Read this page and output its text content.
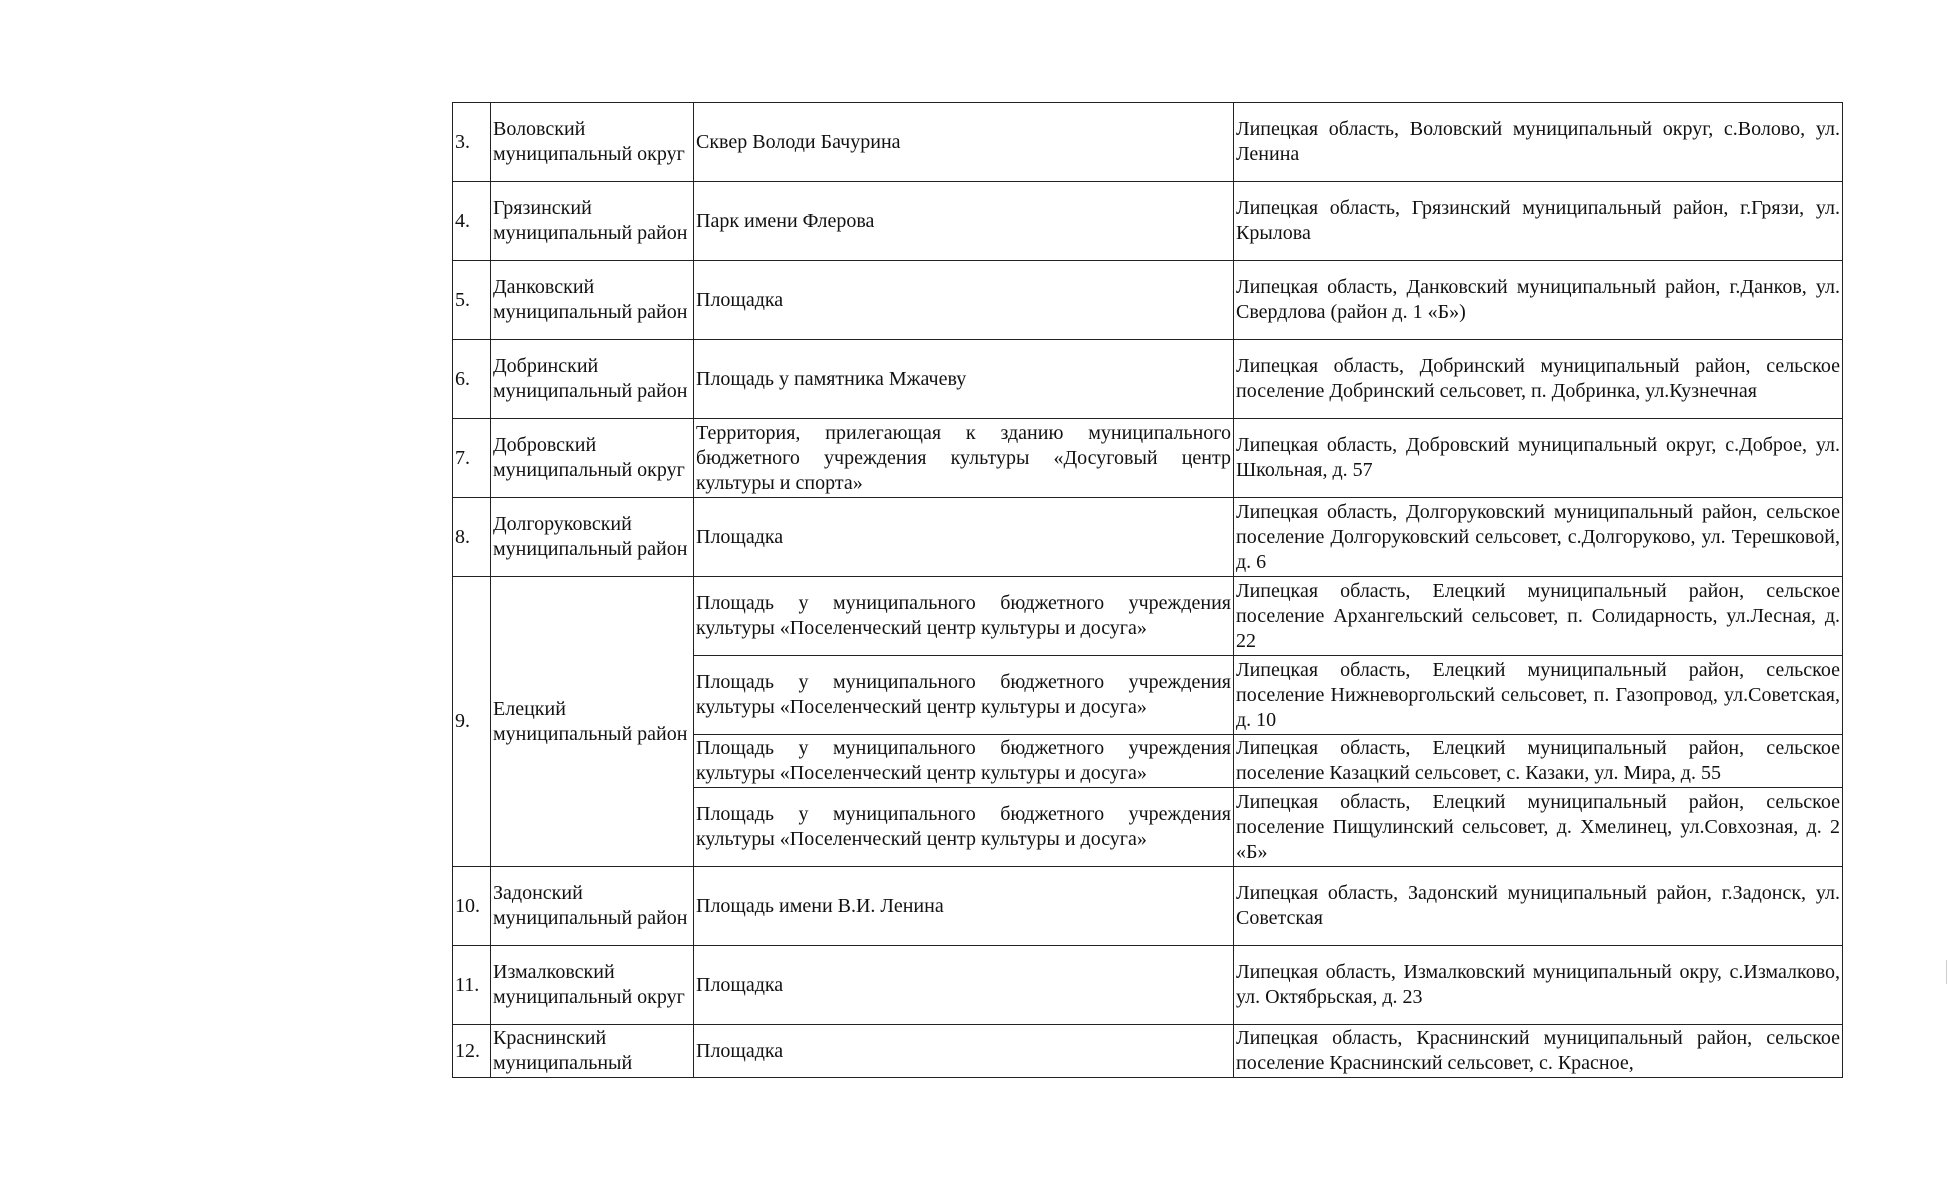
3.	Воловский муниципальный округ	Сквер Володи Бачурина	Липецкая область, Воловский муниципальный округ, с.Волово, ул. Ленина
4.	Грязинский муниципальный район	Парк имени Флерова	Липецкая область, Грязинский муниципальный район, г.Грязи, ул. Крылова
5.	Данковский муниципальный район	Площадка	Липецкая область, Данковский муниципальный район, г.Данков, ул. Свердлова (район д. 1 «Б»)
6.	Добринский муниципальный район	Площадь у памятника Мжачеву	Липецкая область, Добринский муниципальный район, сельское поселение Добринский сельсовет, п. Добринка, ул.Кузнечная
7.	Добровский муниципальный округ	Территория, прилегающая к зданию муниципального бюджетного учреждения культуры «Досуговый центр культуры и спорта»	Липецкая область, Добровский муниципальный округ, с.Доброе, ул. Школьная, д. 57
8.	Долгоруковский муниципальный район	Площадка	Липецкая область, Долгоруковский муниципальный район, сельское поселение Долгоруковский сельсовет, с.Долгоруково, ул. Терешковой, д. 6
9.	Елецкий муниципальный район	Площадь у муниципального бюджетного учреждения культуры «Поселенческий центр культуры и досуга»	Липецкая область, Елецкий муниципальный район, сельское поселение Архангельский сельсовет, п. Солидарность, ул.Лесная, д. 22
		Площадь у муниципального бюджетного учреждения культуры «Поселенческий центр культуры и досуга»	Липецкая область, Елецкий муниципальный район, сельское поселение Нижневоргольский сельсовет, п. Газопровод, ул.Советская, д. 10
		Площадь у муниципального бюджетного учреждения культуры «Поселенческий центр культуры и досуга»	Липецкая область, Елецкий муниципальный район, сельское поселение Казацкий сельсовет, с. Казаки, ул. Мира, д. 55
		Площадь у муниципального бюджетного учреждения культуры «Поселенческий центр культуры и досуга»	Липецкая область, Елецкий муниципальный район, сельское поселение Пищулинский сельсовет, д. Хмелинец, ул.Совхозная, д. 2 «Б»
10.	Задонский муниципальный район	Площадь имени В.И. Ленина	Липецкая область, Задонский муниципальный район, г.Задонск, ул. Советская
11.	Измалковский муниципальный округ	Площадка	Липецкая область, Измалковский муниципальный окру, с.Измалково, ул. Октябрьская, д. 23
12.	Краснинский муниципальный	Площадка	Липецкая область, Краснинский муниципальный район, сельское поселение Краснинский сельсовет, с. Красное,
